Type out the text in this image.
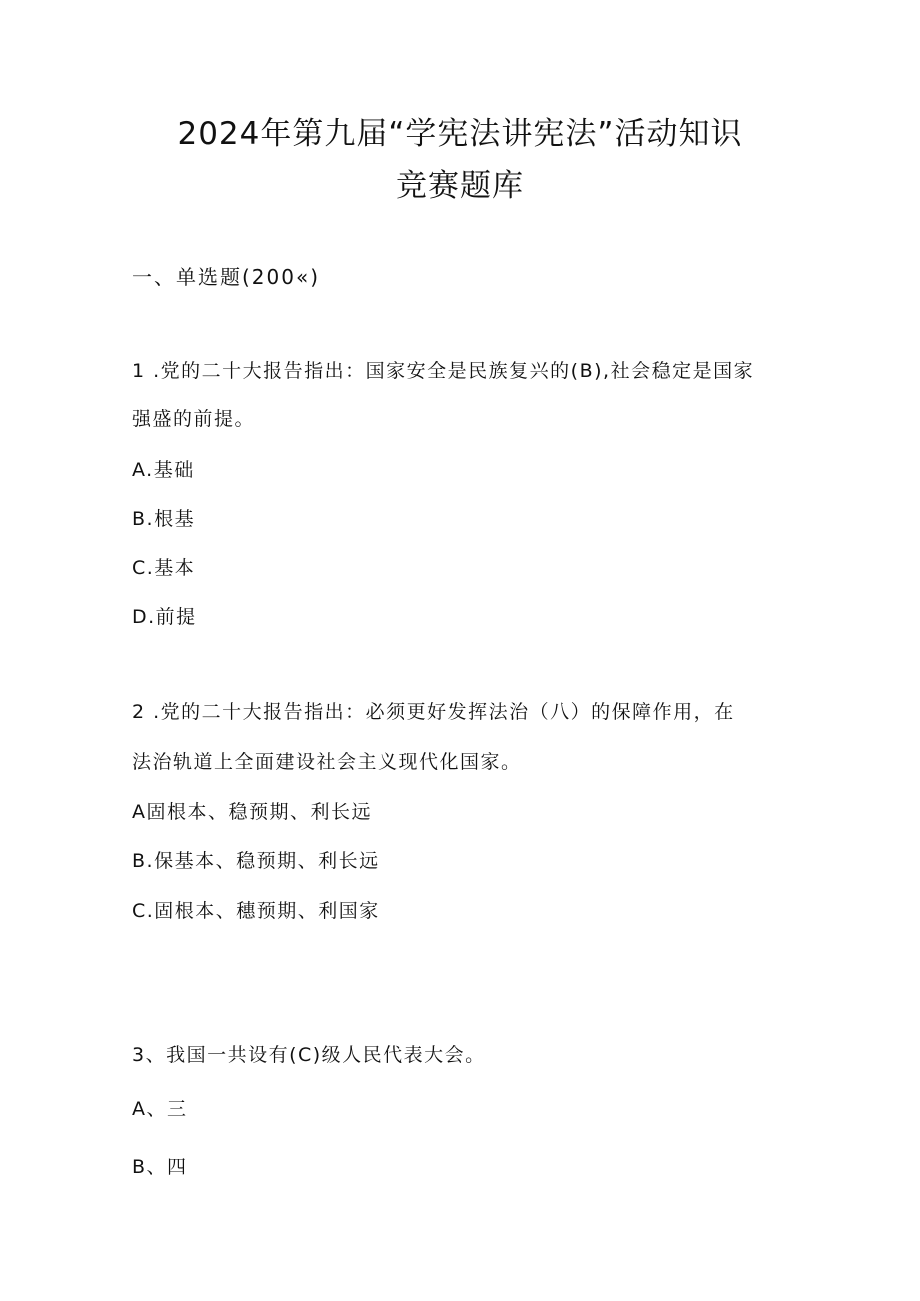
2024年第九届“学宪法讲宪法”活动知识
竞赛题库
一、单选题(200«)
1 .党的二十大报告指出：国家安全是民族复兴的(B),社会稳定是国家
强盛的前提。
A.基础
B.根基
C.基本
D.前提
2 .党的二十大报告指出：必须更好发挥法治（八）的保障作用，在
法治轨道上全面建设社会主义现代化国家。
A固根本、稳预期、利长远
B.保基本、稳预期、利长远
C.固根本、穗预期、利国家
3、我国一共设有(C)级人民代表大会。
A、三
B、四
